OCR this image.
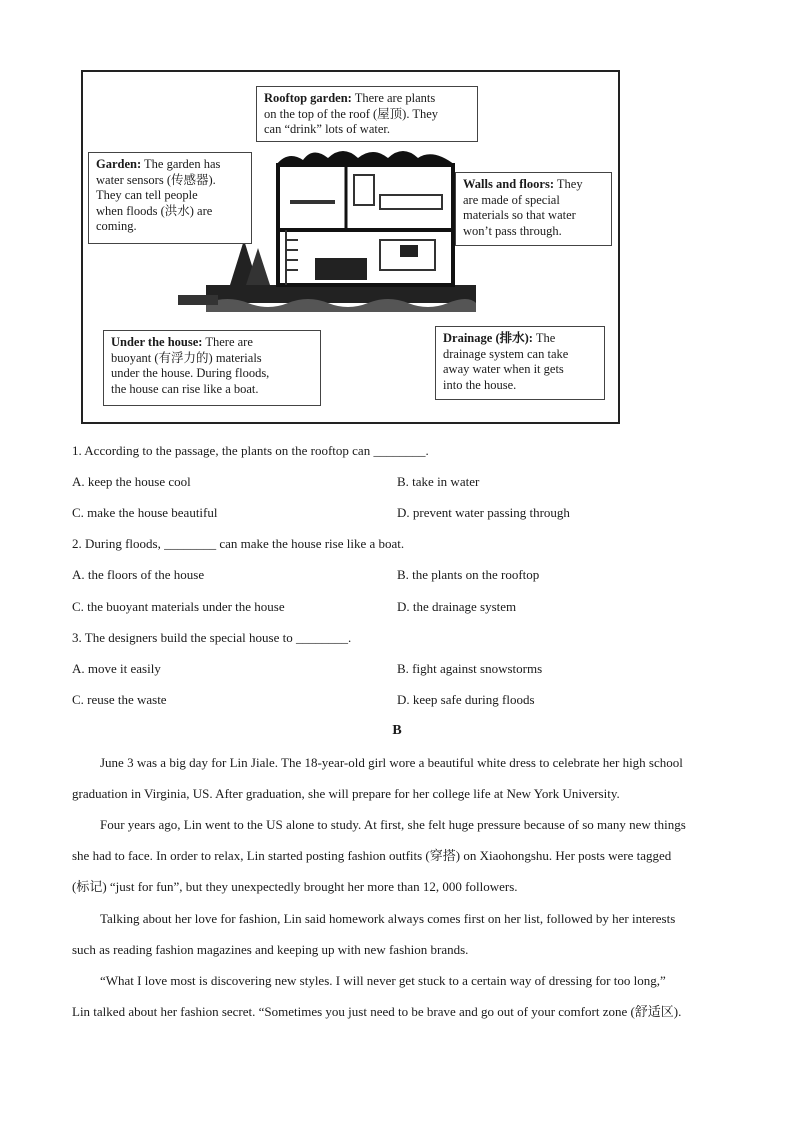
Rooftop garden: There are plants
on the top of the roof (屋顶). They
can “drink” lots of water.
Garden: The garden has
water sensors (传感器).
They can tell people
when floods (洪水) are
coming.
Walls and floors: They
are made of special
materials so that water
won’t pass through.
Under the house: There are
buoyant (有浮力的) materials
under the house. During floods,
the house can rise like a boat.
Drainage (排水): The
drainage system can take
away water when it gets
into the house.
1. According to the passage, the plants on the rooftop can ________.
A. keep the house cool	B. take in water
C. make the house beautiful	D. prevent water passing through
2. During floods, ________ can make the house rise like a boat.
A. the floors of the house	B. the plants on the rooftop
C. the buoyant materials under the house	D. the drainage system
3. The designers build the special house to ________.
A. move it easily	B. fight against snowstorms
C. reuse the waste	D. keep safe during floods
B
June 3 was a big day for Lin Jiale. The 18-year-old girl wore a beautiful white dress to celebrate her high school
graduation in Virginia, US. After graduation, she will prepare for her college life at New York University.
Four years ago, Lin went to the US alone to study. At first, she felt huge pressure because of so many new things
she had to face. In order to relax, Lin started posting fashion outfits (穿搭) on Xiaohongshu. Her posts were tagged
(标记) “just for fun”, but they unexpectedly brought her more than 12, 000 followers.
Talking about her love for fashion, Lin said homework always comes first on her list, followed by her interests
such as reading fashion magazines and keeping up with new fashion brands.
“What I love most is discovering new styles. I will never get stuck to a certain way of dressing for too long,”
Lin talked about her fashion secret. “Sometimes you just need to be brave and go out of your comfort zone (舒适区).
